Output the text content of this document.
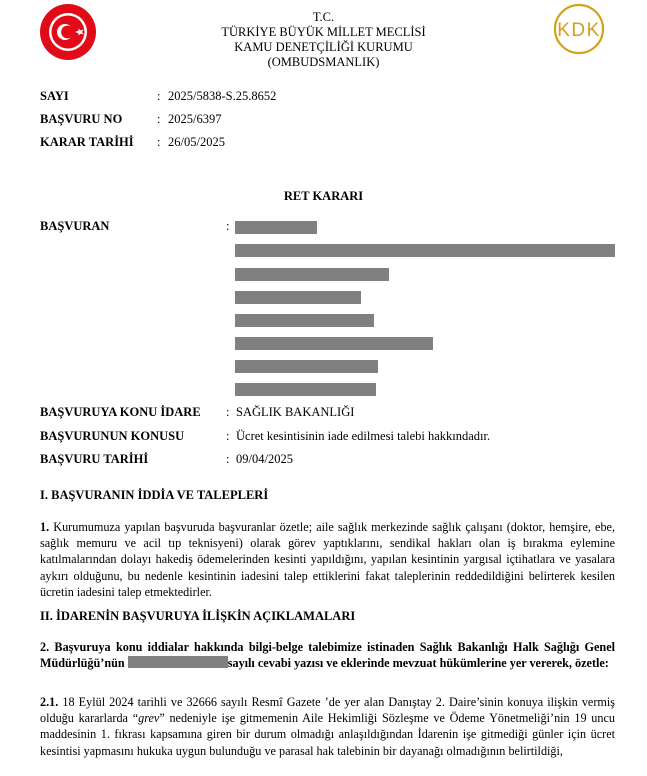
KDK
T.C.
TÜRKİYE BÜYÜK MİLLET MECLİSİ
KAMU DENETÇİLİĞİ KURUMU
(OMBUDSMANLIK)
SAYI	: 2025/5838-S.25.8652
BAŞVURU NO	: 2025/6397
KARAR TARİHİ : 26/05/2025
RET KARARI
BAŞVURAN	:
BAŞVURUYA KONU İDARE : SAĞLIK BAKANLIĞI
BAŞVURUNUN KONUSU	: Ücret kesintisinin iade edilmesi talebi hakkındadır.
BAŞVURU TARİHİ	: 09/04/2025
I. BAŞVURANIN İDDİA VE TALEPLERİ
1. Kurumumuza yapılan başvuruda başvuranlar özetle; aile sağlık merkezinde sağlık çalışanı (doktor, hemşire, ebe, sağlık memuru ve acil tıp teknisyeni) olarak görev yaptıklarını, sendikal hakları olan iş bırakma eylemine katılmalarından dolayı hakediş ödemelerinden kesinti yapıldığını, yapılan kesintinin yargısal içtihatlara ve yasalara aykırı olduğunu, bu nedenle kesintinin iadesini talep ettiklerini fakat taleplerinin reddedildiğini belirterek kesilen ücretin iadesini talep etmektedirler.
II. İDARENİN BAŞVURUYA İLİŞKİN AÇIKLAMALARI
2. Başvuruya konu iddialar hakkında bilgi-belge talebimize istinaden Sağlık Bakanlığı Halk Sağlığı Genel Müdürlüğü’nün	sayılı cevabi yazısı ve eklerinde mevzuat hükümlerine yer vererek, özetle:
2.1. 18 Eylül 2024 tarihli ve 32666 sayılı Resmî Gazete ’de yer alan Danıştay 2. Daire’sinin konuya ilişkin vermiş olduğu kararlarda “grev” nedeniyle işe gitmemenin Aile Hekimliği Sözleşme ve Ödeme Yönetmeliği’nin 19 uncu maddesinin 1. fıkrası kapsamına giren bir durum olmadığı anlaşıldığından İdarenin işe gitmediği günler için ücret kesintisi yapmasını hukuka uygun bulunduğu ve parasal hak talebinin bir dayanağı olmadığının belirtildiği,
